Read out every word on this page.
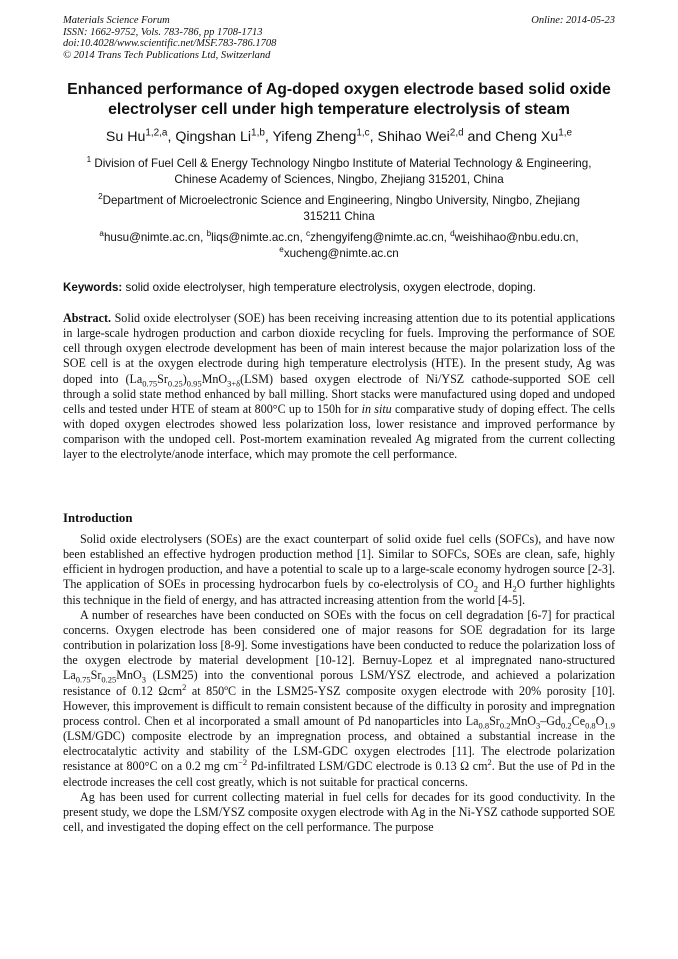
Materials Science Forum
ISSN: 1662-9752, Vols. 783-786, pp 1708-1713
doi:10.4028/www.scientific.net/MSF.783-786.1708
© 2014 Trans Tech Publications Ltd, Switzerland
Online: 2014-05-23
Enhanced performance of Ag-doped oxygen electrode based solid oxide
electrolyser cell under high temperature electrolysis of steam
Su Hu$^{1,2,a}$, Qingshan Li$^{1,b}$, Yifeng Zheng$^{1,c}$, Shihao Wei$^{2,d}$ and Cheng Xu$^{1,e}$
$^1$ Division of Fuel Cell & Energy Technology Ningbo Institute of Material Technology & Engineering,
Chinese Academy of Sciences, Ningbo, Zhejiang 315201, China
$^2$Department of Microelectronic Science and Engineering, Ningbo University, Ningbo, Zhejiang
315211 China
$^a$husu@nimte.ac.cn, $^b$liqs@nimte.ac.cn, $^c$zhengyifeng@nimte.ac.cn, $^d$weishihao@nbu.edu.cn,
$^e$xucheng@nimte.ac.cn
Keywords: solid oxide electrolyser, high temperature electrolysis, oxygen electrode, doping.
Abstract. Solid oxide electrolyser (SOE) has been receiving increasing attention due to its potential applications in large-scale hydrogen production and carbon dioxide recycling for fuels. Improving the performance of SOE cell through oxygen electrode development has been of main interest because the major polarization loss of the SOE cell is at the oxygen electrode during high temperature electrolysis (HTE). In the present study, Ag was doped into $(La_{0.75}Sr_{0.25})_{0.95}MnO_{3+\delta}(LSM)$ based oxygen electrode of Ni/YSZ cathode-supported SOE cell through a solid state method enhanced by ball milling. Short stacks were manufactured using doped and undoped cells and tested under HTE of steam at 800°C up to 150h for in situ comparative study of doping effect. The cells with doped oxygen electrodes showed less polarization loss, lower resistance and improved performance by comparison with the undoped cell. Post-mortem examination revealed Ag migrated from the current collecting layer to the electrolyte/anode interface, which may promote the cell performance.
Introduction

Solid oxide electrolysers (SOEs) are the exact counterpart of solid oxide fuel cells (SOFCs), and have now been established an effective hydrogen production method [1]. Similar to SOFCs, SOEs are clean, safe, highly efficient in hydrogen production, and have a potential to scale up to a large-scale economy hydrogen source [2-3]. The application of SOEs in processing hydrocarbon fuels by co-electrolysis of $CO_2$ and $H_2O$ further highlights this technique in the field of energy, and has attracted increasing attention from the world [4-5].

A number of researches have been conducted on SOEs with the focus on cell degradation [6-7] for practical concerns. Oxygen electrode has been considered one of major reasons for SOE degradation for its large contribution in polarization loss [8-9]. Some investigations have been conducted to reduce the polarization loss of the oxygen electrode by material development [10-12]. Bernuy-Lopez et al impregnated nano-structured $La_{0.75}Sr_{0.25}MnO_3$ (LSM25) into the conventional porous LSM/YSZ electrode, and achieved a polarization resistance of 0.12 Ωcm$^2$ at 850ºC in the LSM25-YSZ composite oxygen electrode with 20% porosity [10]. However, this improvement is difficult to remain consistent because of the difficulty in porosity and impregnation process control. Chen et al incorporated a small amount of Pd nanoparticles into $La_{0.8}Sr_{0.2}MnO_3-Gd_{0.2}Ce_{0.8}O_{1.9}$ (LSM/GDC) composite electrode by an impregnation process, and obtained a substantial increase in the electrocatalytic activity and stability of the LSM-GDC oxygen electrodes [11]. The electrode polarization resistance at 800°C on a 0.2 mg $cm^{-2}$ Pd-infiltrated LSM/GDC electrode is 0.13 Ω $cm^2$. But the use of Pd in the electrode increases the cell cost greatly, which is not suitable for practical concerns.

Ag has been used for current collecting material in fuel cells for decades for its good conductivity. In the present study, we dope the LSM/YSZ composite oxygen electrode with Ag in the Ni-YSZ cathode supported SOE cell, and investigated the doping effect on the cell performance. The purpose
